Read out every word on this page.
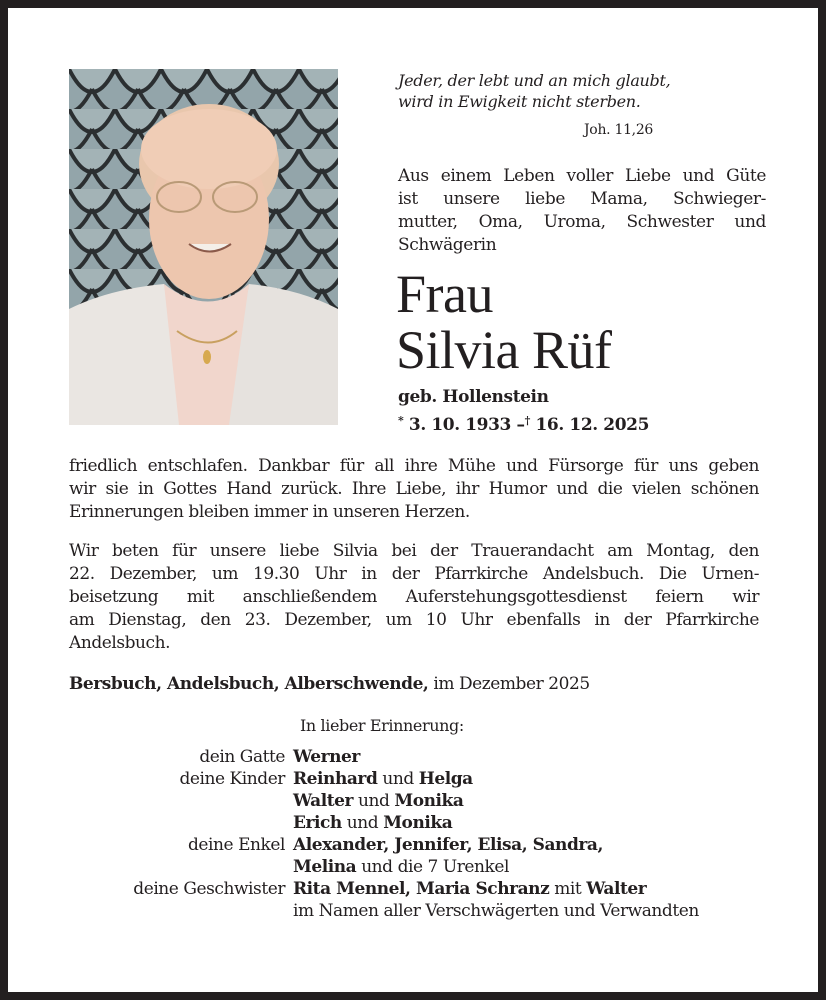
Jeder, der lebt und an mich glaubt,
wird in Ewigkeit nicht sterben.
Joh. 11,26
Aus einem Leben voller Liebe und Güte
ist unsere liebe Mama, Schwieger-
mutter, Oma, Uroma, Schwester und
Schwägerin
Frau
Silvia Rüf
geb. Hollenstein
* 3. 10. 1933 –† 16. 12. 2025
friedlich entschlafen. Dankbar für all ihre Mühe und Fürsorge für uns geben
wir sie in Gottes Hand zurück. Ihre Liebe, ihr Humor und die vielen schönen
Erinnerungen bleiben immer in unseren Herzen.
Wir beten für unsere liebe Silvia bei der Trauerandacht am Montag, den
22. Dezember, um 19.30 Uhr in der Pfarrkirche Andelsbuch. Die Urnen-
beisetzung mit anschließendem Auferstehungsgottesdienst feiern wir
am Dienstag, den 23. Dezember, um 10 Uhr ebenfalls in der Pfarrkirche
Andelsbuch.
Bersbuch, Andelsbuch, Alberschwende, im Dezember 2025
In lieber Erinnerung:
dein Gatte Werner
deine Kinder Reinhard und Helga
Walter und Monika
Erich und Monika
deine Enkel Alexander, Jennifer, Elisa, Sandra,
Melina und die 7 Urenkel
deine Geschwister Rita Mennel, Maria Schranz mit Walter
im Namen aller Verschwägerten und Verwandten
